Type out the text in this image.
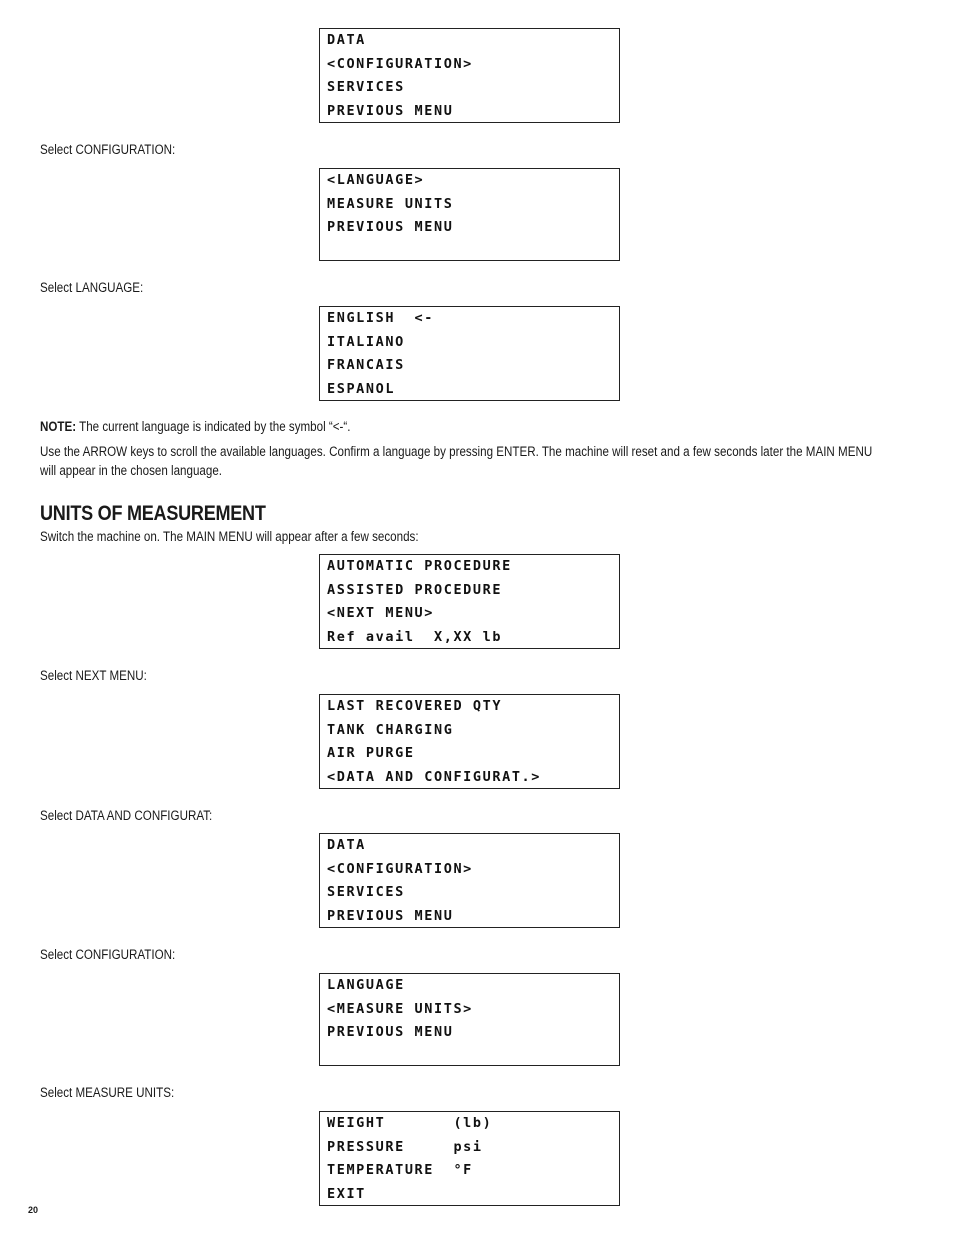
DATA
<CONFIGURATION>
SERVICES
PREVIOUS MENU
Select CONFIGURATION:
<LANGUAGE>
MEASURE UNITS
PREVIOUS MENU
Select LANGUAGE:
ENGLISH  <-
ITALIANO
FRANCAIS
ESPANOL
NOTE: The current language is indicated by the symbol “<-“.
Use the ARROW keys to scroll the available languages. Confirm a language by pressing ENTER. The machine will reset and a few seconds later the MAIN MENU will appear in the chosen language.
UNITS OF MEASUREMENT
Switch the machine on. The MAIN MENU will appear after a few seconds:
AUTOMATIC PROCEDURE
ASSISTED PROCEDURE
<NEXT MENU>
Ref avail  X,XX lb
Select NEXT MENU:
LAST RECOVERED QTY
TANK CHARGING
AIR PURGE
<DATA AND CONFIGURAT.>
Select DATA AND CONFIGURAT:
DATA
<CONFIGURATION>
SERVICES
PREVIOUS MENU
Select CONFIGURATION:
LANGUAGE
<MEASURE UNITS>
PREVIOUS MENU
Select MEASURE UNITS:
WEIGHT       (lb)
PRESSURE     psi
TEMPERATURE  °F
EXIT
20
